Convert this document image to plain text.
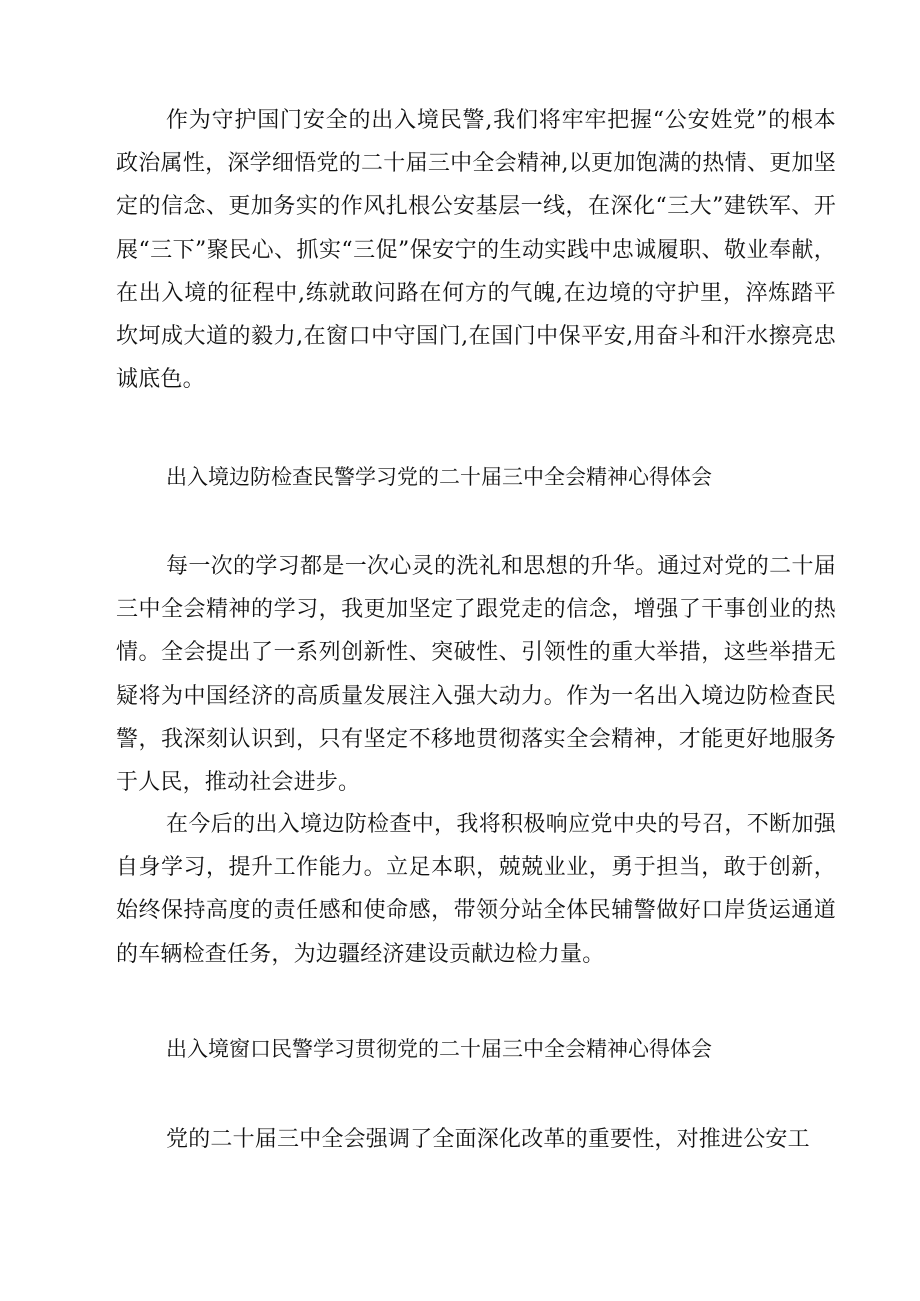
作为守护国门安全的出入境民警,我们将牢牢把握“公安姓党”的根本政治属性，深学细悟党的二十届三中全会精神,以更加饱满的热情、更加坚定的信念、更加务实的作风扎根公安基层一线，在深化“三大”建铁军、开展“三下”聚民心、抓实“三促”保安宁的生动实践中忠诚履职、敬业奉献，在出入境的征程中,练就敢问路在何方的气魄,在边境的守护里，淬炼踏平坎坷成大道的毅力,在窗口中守国门,在国门中保平安,用奋斗和汗水擦亮忠诚底色。

出入境边防检查民警学习党的二十届三中全会精神心得体会

每一次的学习都是一次心灵的洗礼和思想的升华。通过对党的二十届三中全会精神的学习，我更加坚定了跟党走的信念，增强了干事创业的热情。全会提出了一系列创新性、突破性、引领性的重大举措，这些举措无疑将为中国经济的高质量发展注入强大动力。作为一名出入境边防检查民警，我深刻认识到，只有坚定不移地贯彻落实全会精神，才能更好地服务于人民，推动社会进步。

在今后的出入境边防检查中，我将积极响应党中央的号召，不断加强自身学习，提升工作能力。立足本职，兢兢业业，勇于担当，敢于创新，始终保持高度的责任感和使命感，带领分站全体民辅警做好口岸货运通道的车辆检查任务，为边疆经济建设贡献边检力量。

出入境窗口民警学习贯彻党的二十届三中全会精神心得体会

党的二十届三中全会强调了全面深化改革的重要性，对推进公安工
